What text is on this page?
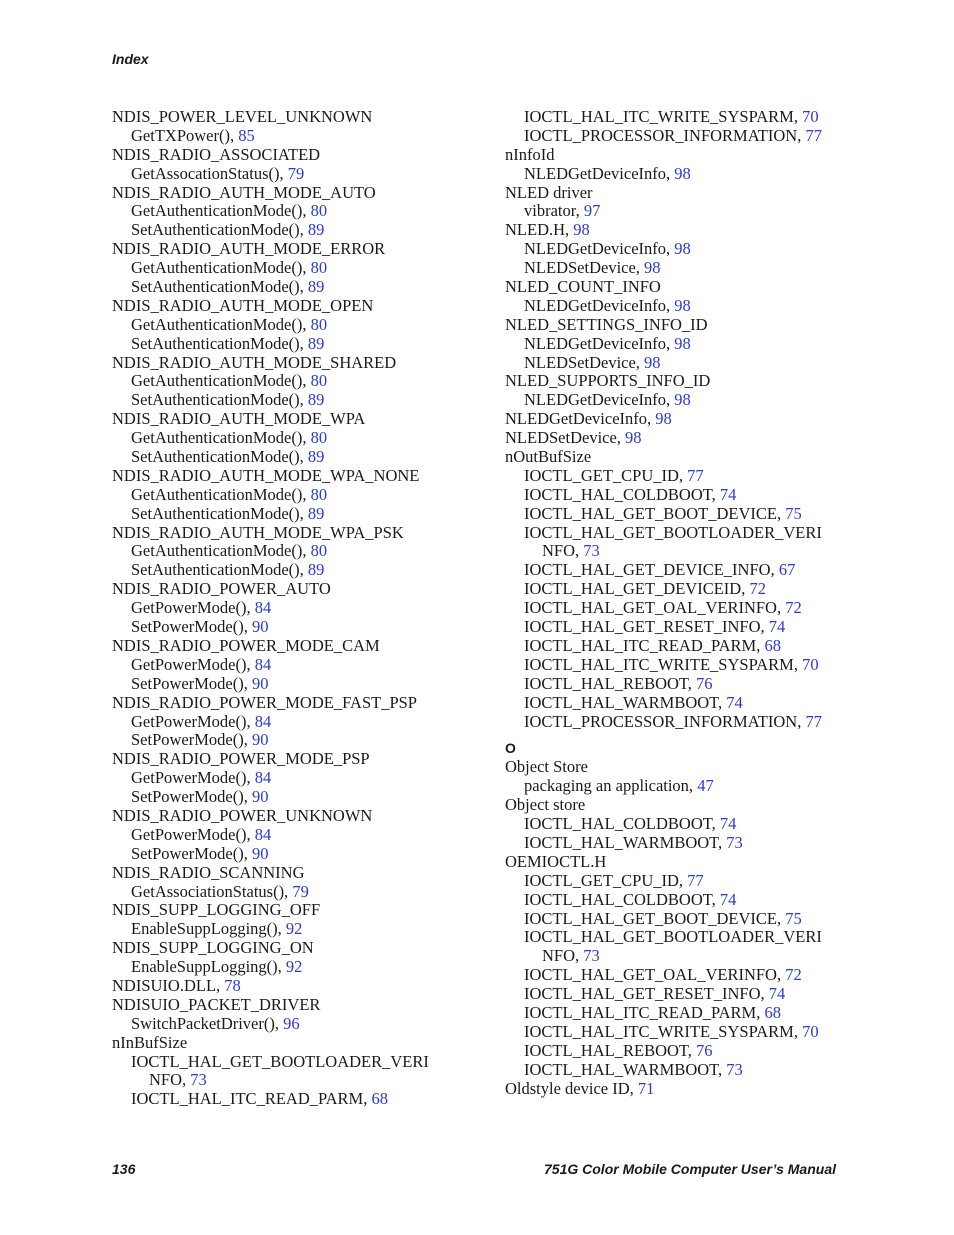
Index
NDIS_POWER_LEVEL_UNKNOWN
GetTXPower(), 85
NDIS_RADIO_ASSOCIATED
GetAssocationStatus(), 79
NDIS_RADIO_AUTH_MODE_AUTO
GetAuthenticationMode(), 80
SetAuthenticationMode(), 89
NDIS_RADIO_AUTH_MODE_ERROR
GetAuthenticationMode(), 80
SetAuthenticationMode(), 89
NDIS_RADIO_AUTH_MODE_OPEN
GetAuthenticationMode(), 80
SetAuthenticationMode(), 89
NDIS_RADIO_AUTH_MODE_SHARED
GetAuthenticationMode(), 80
SetAuthenticationMode(), 89
NDIS_RADIO_AUTH_MODE_WPA
GetAuthenticationMode(), 80
SetAuthenticationMode(), 89
NDIS_RADIO_AUTH_MODE_WPA_NONE
GetAuthenticationMode(), 80
SetAuthenticationMode(), 89
NDIS_RADIO_AUTH_MODE_WPA_PSK
GetAuthenticationMode(), 80
SetAuthenticationMode(), 89
NDIS_RADIO_POWER_AUTO
GetPowerMode(), 84
SetPowerMode(), 90
NDIS_RADIO_POWER_MODE_CAM
GetPowerMode(), 84
SetPowerMode(), 90
NDIS_RADIO_POWER_MODE_FAST_PSP
GetPowerMode(), 84
SetPowerMode(), 90
NDIS_RADIO_POWER_MODE_PSP
GetPowerMode(), 84
SetPowerMode(), 90
NDIS_RADIO_POWER_UNKNOWN
GetPowerMode(), 84
SetPowerMode(), 90
NDIS_RADIO_SCANNING
GetAssociationStatus(), 79
NDIS_SUPP_LOGGING_OFF
EnableSuppLogging(), 92
NDIS_SUPP_LOGGING_ON
EnableSuppLogging(), 92
NDISUIO.DLL, 78
NDISUIO_PACKET_DRIVER
SwitchPacketDriver(), 96
nInBufSize
IOCTL_HAL_GET_BOOTLOADER_VERI
NFO, 73
IOCTL_HAL_ITC_READ_PARM, 68
IOCTL_HAL_ITC_WRITE_SYSPARM, 70
IOCTL_PROCESSOR_INFORMATION, 77
nInfoId
NLEDGetDeviceInfo, 98
NLED driver
vibrator, 97
NLED.H, 98
NLEDGetDeviceInfo, 98
NLEDSetDevice, 98
NLED_COUNT_INFO
NLEDGetDeviceInfo, 98
NLED_SETTINGS_INFO_ID
NLEDGetDeviceInfo, 98
NLEDSetDevice, 98
NLED_SUPPORTS_INFO_ID
NLEDGetDeviceInfo, 98
NLEDGetDeviceInfo, 98
NLEDSetDevice, 98
nOutBufSize
IOCTL_GET_CPU_ID, 77
IOCTL_HAL_COLDBOOT, 74
IOCTL_HAL_GET_BOOT_DEVICE, 75
IOCTL_HAL_GET_BOOTLOADER_VERI
NFO, 73
IOCTL_HAL_GET_DEVICE_INFO, 67
IOCTL_HAL_GET_DEVICEID, 72
IOCTL_HAL_GET_OAL_VERINFO, 72
IOCTL_HAL_GET_RESET_INFO, 74
IOCTL_HAL_ITC_READ_PARM, 68
IOCTL_HAL_ITC_WRITE_SYSPARM, 70
IOCTL_HAL_REBOOT, 76
IOCTL_HAL_WARMBOOT, 74
IOCTL_PROCESSOR_INFORMATION, 77
O
Object Store
packaging an application, 47
Object store
IOCTL_HAL_COLDBOOT, 74
IOCTL_HAL_WARMBOOT, 73
OEMIOCTL.H
IOCTL_GET_CPU_ID, 77
IOCTL_HAL_COLDBOOT, 74
IOCTL_HAL_GET_BOOT_DEVICE, 75
IOCTL_HAL_GET_BOOTLOADER_VERI
NFO, 73
IOCTL_HAL_GET_OAL_VERINFO, 72
IOCTL_HAL_GET_RESET_INFO, 74
IOCTL_HAL_ITC_READ_PARM, 68
IOCTL_HAL_ITC_WRITE_SYSPARM, 70
IOCTL_HAL_REBOOT, 76
IOCTL_HAL_WARMBOOT, 73
Oldstyle device ID, 71
136	751G Color Mobile Computer User’s Manual
